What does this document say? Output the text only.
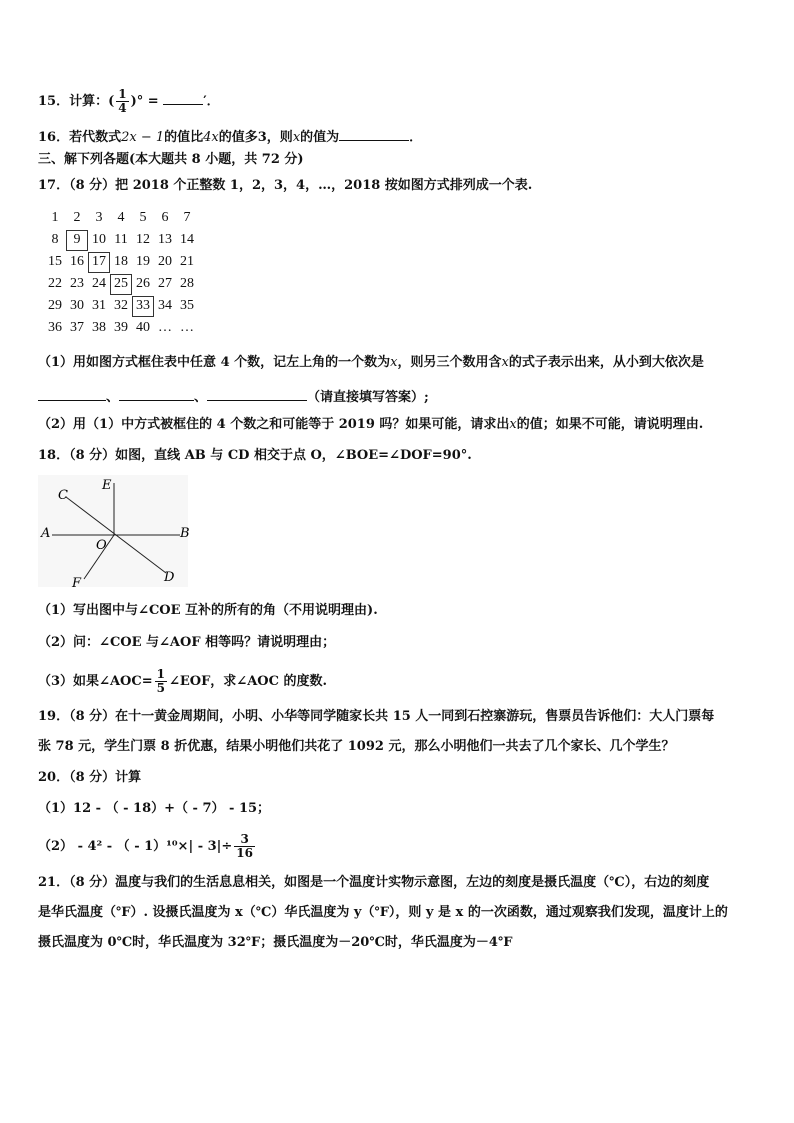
15．计算：( $\frac{1}{4}$ )° =	′．
16．若代数式2x − 1的值比4x的值多3，则x的值为	．
三、解下列各题(本大题共 8 小题，共 72 分)
17．（8 分）把 2018 个正整数 1，2，3，4，…，2018 按如图方式排列成一个表.
1	2	3	4	5	6	7
8	9 10 11 12 13 14
15 16 17 18 19 20 21
22 23 24 25 26 27 28
29 30 31 32 33 34 35
36 37 38 39 40 … …
（1）用如图方式框住表中任意 4 个数，记左上角的一个数为x，则另三个数用含x的式子表示出来，从小到大依次是
、	、	（请直接填写答案）;
（2）用（1）中方式被框住的 4 个数之和可能等于 2019 吗？如果可能，请求出x的值；如果不可能，请说明理由.
18．（8 分）如图，直线 AB 与 CD 相交于点 O，∠BOE=∠DOF=90°.
C
E
A	B
O
F	D
（1）写出图中与∠COE 互补的所有的角（不用说明理由).
（2）问：∠COE 与∠AOF 相等吗？请说明理由；
（3）如果∠AOC= $\frac{1}{5}$ ∠EOF，求∠AOC 的度数.
19．（8 分）在十一黄金周期间，小明、小华等同学随家长共 15 人一同到石控寨游玩，售票员告诉他们：大人门票每
张 78 元，学生门票 8 折优惠，结果小明他们共花了 1092 元，那么小明他们一共去了几个家长、几个学生？
20．（8 分）计算
（1）12 - （ - 18）+（ - 7） - 15；
（2） - 4² - （ - $1)^{10}\times| - 3|\div \frac{3}{16}$
21．（8 分）温度与我们的生活息息相关，如图是一个温度计实物示意图，左边的刻度是摄氏温度（℃），右边的刻度
是华氏温度（℉）. 设摄氏温度为 x（℃）华氏温度为 y（℉），则 y 是 x 的一次函数，通过观察我们发现，温度计上的
摄氏温度为 0℃时，华氏温度为 32℉；摄氏温度为－20℃时，华氏温度为－4℉
